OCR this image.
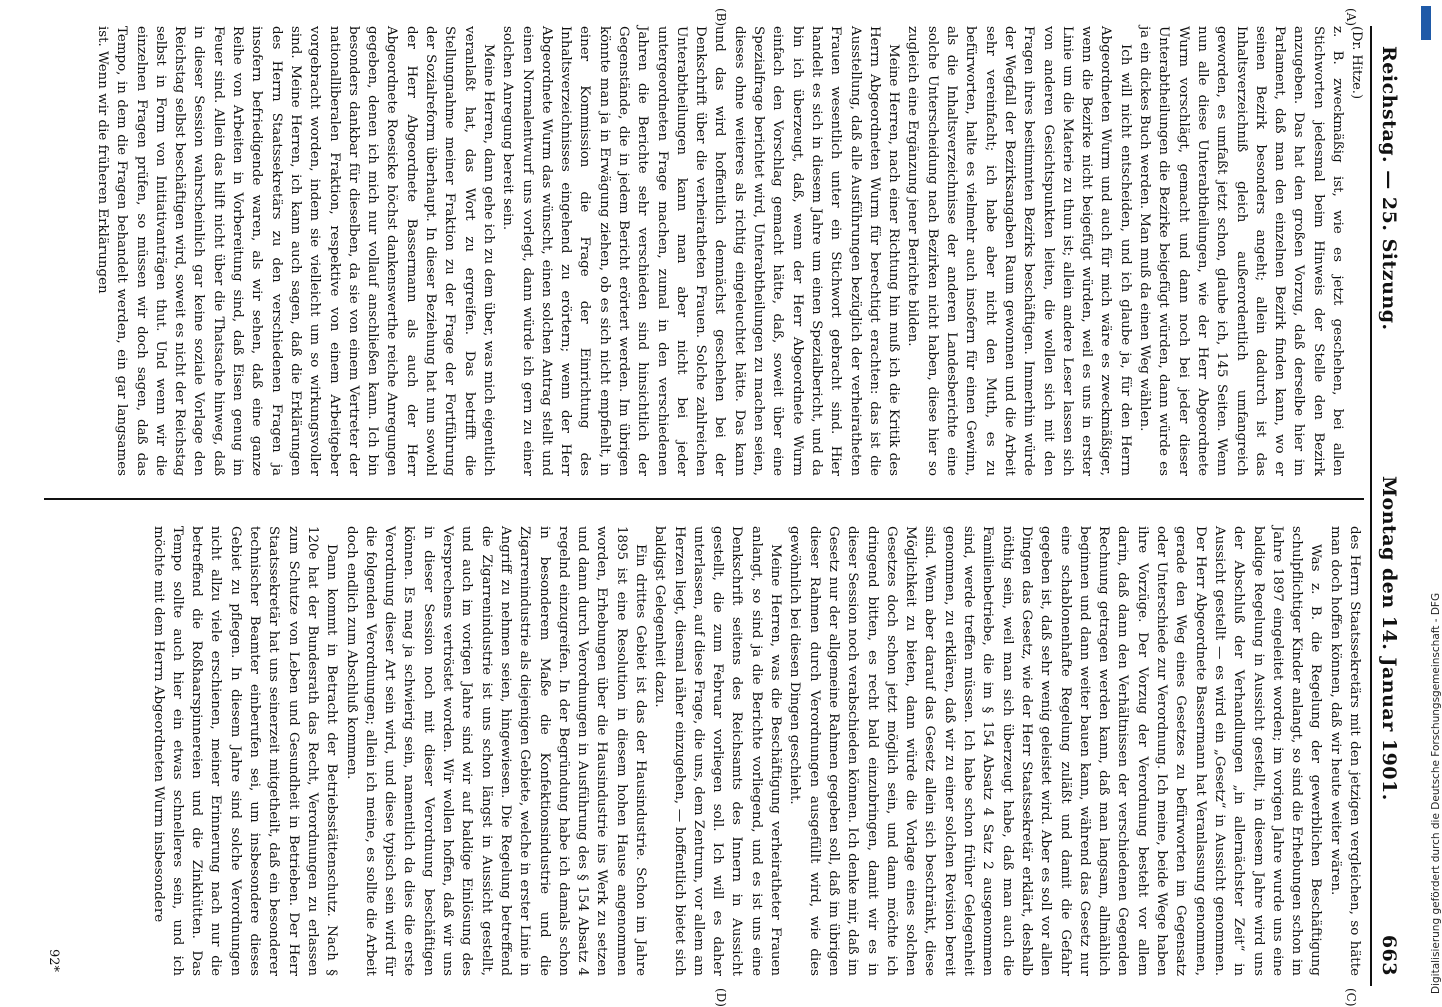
Reichstag. — 25. Sitzung.
Montag den 14. Januar 1901.
663
(A)
(B)
(C)
(D)

(Dr. Hitze.)

z. B. zweckmäßig ist, wie es jetzt geschehen, bei allen Stichworten jedesmal beim Hinweis der Stelle den Bezirk anzugeben. Das hat den großen Vorzug, daß derselbe hier im Parlament, daß man den einzelnen Bezirk finden kann, wo er seinen Bezirk besonders angeht; allein dadurch ist das Inhaltsverzeichniß gleich außerordentlich umfangreich geworden, es umfaßt jetzt schon, glaube ich, 145 Seiten. Wenn nun alle diese Unterabtheilungen, wie der Herr Abgeordnete Wurm vorschlägt, gemacht und dann noch bei jeder dieser Unterabtheilungen die Bezirke beigefügt würden, dann würde es ja ein dickes Buch werden. Man muß da einen Weg wählen.

Ich will nicht entscheiden, und ich glaube ja, für den Herrn Abgeordneten Wurm und auch für mich wäre es zweckmäßiger, wenn die Bezirke nicht beigefügt würden, weil es uns in erster Linie um die Materie zu thun ist; allein andere Leser lassen sich von anderen Gesichtspunkten leiten, die wollen sich mit den Fragen ihres bestimmten Bezirks beschäftigen. Immerhin würde der Wegfall der Bezirksangaben Raum gewonnen und die Arbeit sehr vereinfacht; ich habe aber nicht den Muth, es zu befürworten, halte es vielmehr auch insofern für einen Gewinn, als die Inhaltsverzeichnisse der anderen Landesberichte eine solche Unterscheidung nach Bezirken nicht haben, diese hier so zugleich eine Ergänzung jener Berichte bilden.

Meine Herren, nach einer Richtung hin muß ich die Kritik des Herrn Abgeordneten Wurm für berechtigt erachten: das ist die Ausstellung, daß alle Ausführungen bezüglich der verheiratheten Frauen wesentlich unter ein Stichwort gebracht sind. Hier handelt es sich in diesem Jahre um einen Spezialbericht, und da bin ich überzeugt, daß, wenn der Herr Abgeordnete Wurm einfach den Vorschlag gemacht hätte, daß, soweit über eine Spezialfrage berichtet wird, Unterabtheilungen zu machen seien, dieses ohne weiteres als richtig eingeleuchtet hätte. Das kann und das wird hoffentlich demnächst geschehen bei der Denkschrift über die verheiratheten Frauen. Solche zahlreichen Unterabtheilungen kann man aber nicht bei jeder untergeordneten Frage machen, zumal in den verschiedenen Jahren die Berichte sehr verschieden sind hinsichtlich der Gegenstände, die in jedem Bericht erörtert werden. Im übrigen könnte man ja in Erwägung ziehen, ob es sich nicht empfiehlt, in einer Kommission die Frage der Einrichtung des Inhaltsverzeichnisses eingehend zu erörtern; wenn der Herr Abgeordnete Wurm das wünscht, einen solchen Antrag stellt und einen Normalentwurf uns vorlegt, dann würde ich gern zu einer solchen Anregung bereit sein.

Meine Herren, dann gehe ich zu dem über, was mich eigentlich veranlaßt hat, das Wort zu ergreifen. Das betrifft die Stellungnahme meiner Fraktion zu der Frage der Fortführung der Sozialreform überhaupt. In dieser Beziehung hat nun sowohl der Herr Abgeordnete Bassermann als auch der Herr Abgeordnete Roesicke höchst dankenswerthe reiche Anregungen gegeben, denen ich mich nur vollauf anschließen kann. Ich bin besonders dankbar für dieselben, da sie von einem Vertreter der nationalliberalen Fraktion, respektive von einem Arbeitgeber vorgebracht worden, indem sie vielleicht um so wirkungsvoller sind. Meine Herren, ich kann auch sagen, daß die Erklärungen des Herrn Staatssekretärs zu den verschiedenen Fragen ja insofern befriedigende waren, als wir sehen, daß eine ganze Reihe von Arbeiten in Vorbereitung sind, daß Eisen genug im Feuer sind. Allein das hilft nicht über die Thatsache hinweg, daß in dieser Session wahrscheinlich gar keine soziale Vorlage den Reichstag selbst beschäftigen wird, soweit es nicht der Reichstag selbst in Form von Initiativanträgen thut. Und wenn wir die einzelnen Fragen prüfen, so müssen wir doch sagen, daß das Tempo, in dem die Fragen behandelt werden, ein gar langsames ist. Wenn wir die früheren Erklärungen

des Herrn Staatssekretärs mit den jetzigen vergleichen, so hätte man doch hoffen können, daß wir heute weiter wären.

Was z. B. die Regelung der gewerblichen Beschäftigung schulpflichtiger Kinder anlangt, so sind die Erhebungen schon im Jahre 1897 eingeleitet worden; im vorigen Jahre wurde uns eine baldige Regelung in Aussicht gestellt, in diesem Jahre wird uns der Abschluß der Verhandlungen „in allernächster Zeit“ in Aussicht gestellt — es wird ein „Gesetz“ in Aussicht genommen. Der Herr Abgeordnete Bassermann hat Veranlassung genommen, gerade den Weg eines Gesetzes zu befürworten im Gegensatz oder Unterschiede zur Verordnung. Ich meine, beide Wege haben ihre Vorzüge. Der Vorzug der Verordnung besteht vor allem darin, daß dann den Verhältnissen der verschiedenen Gegenden Rechnung getragen werden kann, daß man langsam, allmählich beginnen und dann weiter bauen kann, während das Gesetz nur eine schablonenhafte Regelung zuläßt und damit die Gefahr gegeben ist, daß sehr wenig geleistet wird. Aber es soll vor allen Dingen das Gesetz, wie der Herr Staatssekretär erklärt, deshalb nöthig sein, weil man sich überzeugt habe, daß man auch die Familienbetriebe, die im § 154 Absatz 4 Satz 2 ausgenommen sind, werde treffen müssen. Ich habe schon früher Gelegenheit genommen, zu erklären, daß wir zu einer solchen Revision bereit sind. Wenn aber darauf das Gesetz allein sich beschränkt, diese Möglichkeit zu bieten, dann würde die Vorlage eines solchen Gesetzes doch schon jetzt möglich sein, und dann möchte ich dringend bitten, es recht bald einzubringen, damit wir es in dieser Session noch verabschieden können. Ich denke mir, daß im Gesetz nur der allgemeine Rahmen gegeben soll, daß im übrigen dieser Rahmen durch Verordnungen ausgefüllt wird, wie dies gewöhnlich bei diesen Dingen geschieht.

Meine Herren, was die Beschäftigung verheiratheter Frauen anlangt, so sind ja die Berichte vorliegend, und es ist uns eine Denkschrift seitens des Reichsamts des Innern in Aussicht gestellt, die zum Februar vorliegen soll. Ich will es daher unterlassen, auf diese Frage, die uns, dem Zentrum, vor allem am Herzen liegt, diesmal näher einzugehen, — hoffentlich bietet sich baldigst Gelegenheit dazu.

Ein drittes Gebiet ist das der Hausindustrie. Schon im Jahre 1895 ist eine Resolution in diesem hohen Hause angenommen worden, Erhebungen über die Hausindustrie ins Werk zu setzen und dann durch Verordnungen in Ausführung des § 154 Absatz 4 regelnd einzugreifen. In der Begründung habe ich damals schon in besonderem Maße die Konfektionsindustrie und die Zigarrenindustrie als diejenigen Gebiete, welche in erster Linie in Angriff zu nehmen seien, hingewiesen. Die Regelung betreffend die Zigarrenindustrie ist uns schon längst in Aussicht gestellt, und auch im vorigen Jahre sind wir auf baldige Einlösung des Versprechens vertröstet worden. Wir wollen hoffen, daß wir uns in dieser Session noch mit dieser Verordnung beschäftigen können. Es mag ja schwierig sein, namentlich da dies die erste Verordnung dieser Art sein wird, und diese typisch sein wird für die folgenden Verordnungen; allein ich meine, es sollte die Arbeit doch endlich zum Abschluß kommen.

Dann kommt in Betracht der Betriebsstättenschutz. Nach § 120e hat der Bundesrath das Recht, Verordnungen zu erlassen zum Schutze von Leben und Gesundheit in Betrieben. Der Herr Staatssekretär hat uns seinerzeit mitgetheilt, daß ein besonderer technischer Beamter einberufen sei, um insbesondere dieses Gebiet zu pflegen. In diesem Jahre sind solche Verordnungen nicht allzu viele erschienen, meiner Erinnerung nach nur die betreffend die Roßhaarspinnereien und die Zinkhütten. Das Tempo sollte auch hier ein etwas schnelleres sein, und ich möchte mit dem Herrn Abgeordneten Wurm insbesondere

92*
DFG
Digitalisierung gefördert durch die Deutsche Forschungsgemeinschaft - DFG
